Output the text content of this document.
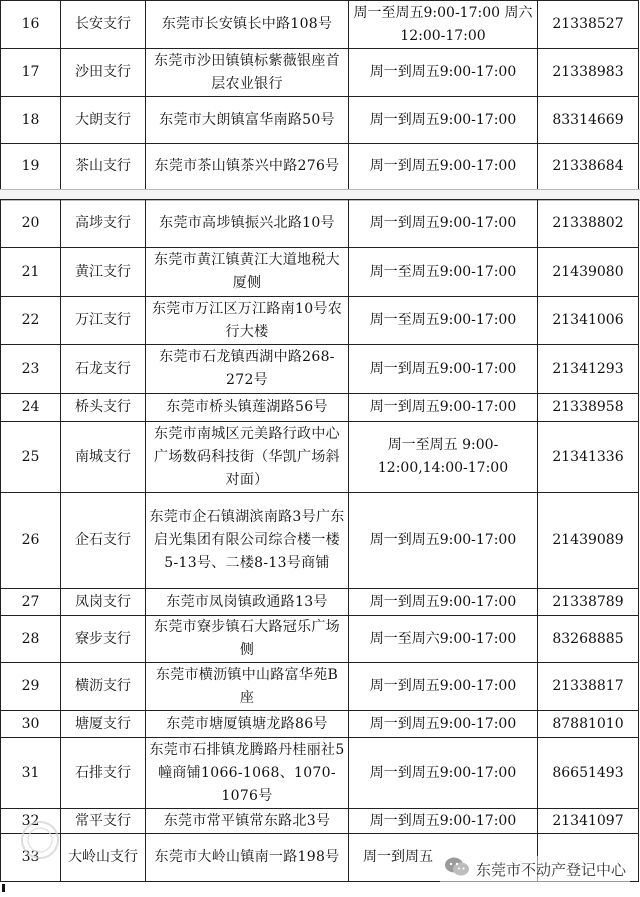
16	长安支行	东莞市长安镇长中路108号	周一至周五9:00-17:00 周六12:00-17:00	21338527
17	沙田支行	东莞市沙田镇镇标紫薇银座首层农业银行	周一到周五9:00-17:00	21338983
18	大朗支行	东莞市大朗镇富华南路50号	周一到周五9:00-17:00	83314669
19	茶山支行	东莞市茶山镇茶兴中路276号	周一到周五9:00-17:00	21338684
20	高埗支行	东莞市高埗镇振兴北路10号	周一到周五9:00-17:00	21338802
21	黄江支行	东莞市黄江镇黄江大道地税大厦侧	周一至周五9:00-17:00	21439080
22	万江支行	东莞市万江区万江路南10号农行大楼	周一至周五9:00-17:00	21341006
23	石龙支行	东莞市石龙镇西湖中路268-272号	周一到周五9:00-17:00	21341293
24	桥头支行	东莞市桥头镇莲湖路56号	周一到周五9:00-17:00	21338958
25	南城支行	东莞市南城区元美路行政中心广场数码科技街（华凯广场斜对面）	周一至周五 9:00-12:00,14:00-17:00	21341336
26	企石支行	东莞市企石镇湖滨南路3号广东启光集团有限公司综合楼一楼5-13号、二楼8-13号商铺	周一到周五9:00-17:00	21439089
27	凤岗支行	东莞市凤岗镇政通路13号	周一到周五9:00-17:00	21338789
28	寮步支行	东莞市寮步镇石大路冠乐广场侧	周一至周六9:00-17:00	83268885
29	横沥支行	东莞市横沥镇中山路富华苑B座	周一到周五9:00-17:00	21338817
30	塘厦支行	东莞市塘厦镇塘龙路86号	周一到周五9:00-17:00	87881010
31	石排支行	东莞市石排镇龙腾路丹桂丽社5幢商铺1066-1068、1070-1076号	周一到周五9:00-17:00	86651493
32	常平支行	东莞市常平镇常东路北3号	周一到周五9:00-17:00	21341097
33	大岭山支行	东莞市大岭山镇南一路198号	周一到周五	
东莞市不动产登记中心
